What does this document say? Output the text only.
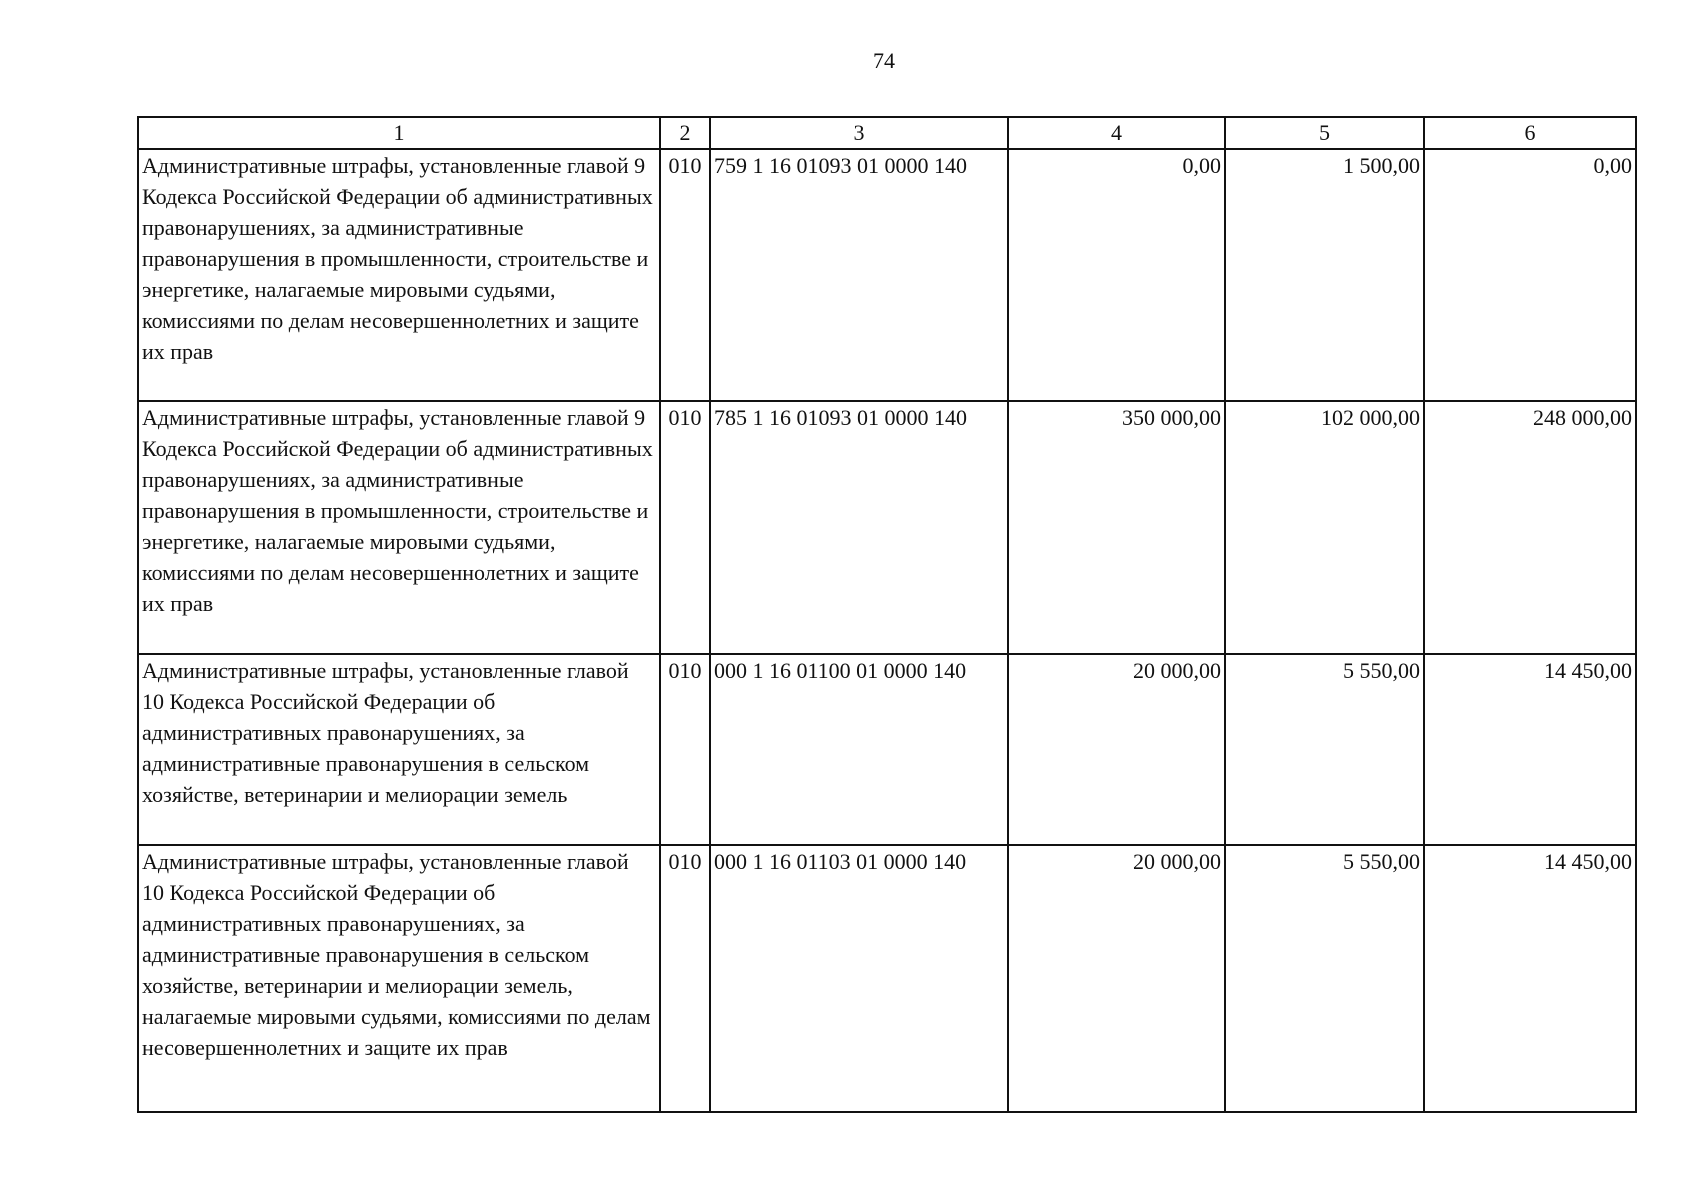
74
1	2	3	4	5	6
Административные штрафы, установленные главой 9 Кодекса Российской Федерации об административных правонарушениях, за административные правонарушения в промышленности, строительстве и энергетике, налагаемые мировыми судьями, комиссиями по делам несовершеннолетних и защите их прав	010	759 1 16 01093 01 0000 140	0,00	1 500,00	0,00
Административные штрафы, установленные главой 9 Кодекса Российской Федерации об административных правонарушениях, за административные правонарушения в промышленности, строительстве и энергетике, налагаемые мировыми судьями, комиссиями по делам несовершеннолетних и защите их прав	010	785 1 16 01093 01 0000 140	350 000,00	102 000,00	248 000,00
Административные штрафы, установленные главой 10 Кодекса Российской Федерации об административных правонарушениях, за административные правонарушения в сельском хозяйстве, ветеринарии и мелиорации земель	010	000 1 16 01100 01 0000 140	20 000,00	5 550,00	14 450,00
Административные штрафы, установленные главой 10 Кодекса Российской Федерации об административных правонарушениях, за административные правонарушения в сельском хозяйстве, ветеринарии и мелиорации земель, налагаемые мировыми судьями, комиссиями по делам несовершеннолетних и защите их прав	010	000 1 16 01103 01 0000 140	20 000,00	5 550,00	14 450,00
